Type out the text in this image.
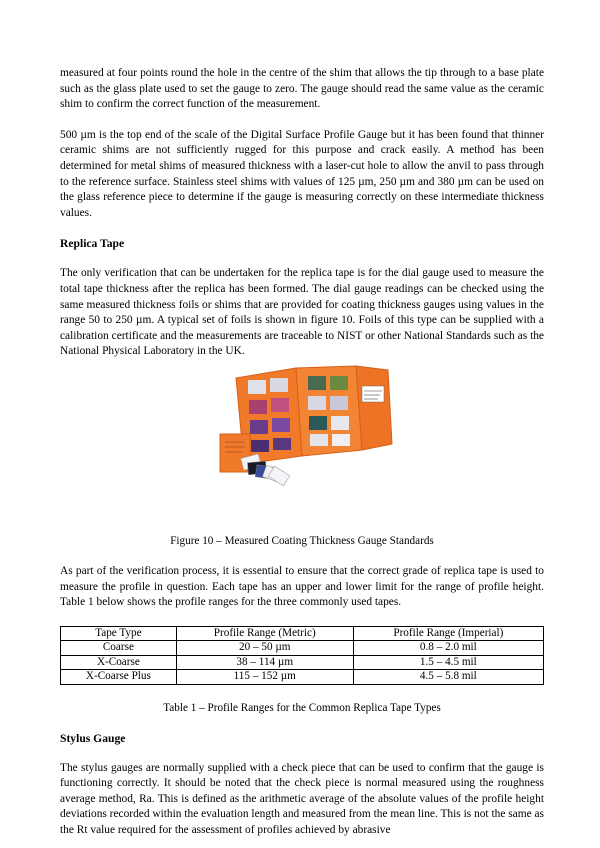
measured at four points round the hole in the centre of the shim that allows the tip through to a base plate such as the glass plate used to set the gauge to zero. The gauge should read the same value as the ceramic shim to confirm the correct function of the measurement.

500 µm is the top end of the scale of the Digital Surface Profile Gauge but it has been found that thinner ceramic shims are not sufficiently rugged for this purpose and crack easily. A method has been determined for metal shims of measured thickness with a laser-cut hole to allow the anvil to pass through to the reference surface. Stainless steel shims with values of 125 µm, 250 µm and 380 µm can be used on the glass reference piece to determine if the gauge is measuring correctly on these intermediate thickness values.

Replica Tape

The only verification that can be undertaken for the replica tape is for the dial gauge used to measure the total tape thickness after the replica has been formed. The dial gauge readings can be checked using the same measured thickness foils or shims that are provided for coating thickness gauges using values in the range 50 to 250 µm. A typical set of foils is shown in figure 10. Foils of this type can be supplied with a calibration certificate and the measurements are traceable to NIST or other National Standards such as the National Physical Laboratory in the UK.

Figure 10 – Measured Coating Thickness Gauge Standards

As part of the verification process, it is essential to ensure that the correct grade of replica tape is used to measure the profile in question. Each tape has an upper and lower limit for the range of profile height. Table 1 below shows the profile ranges for the three commonly used tapes.

Tape Type	Profile Range (Metric)	Profile Range (Imperial)
Coarse	20 – 50 µm	0.8 – 2.0 mil
X-Coarse	38 – 114 µm	1.5 – 4.5 mil
X-Coarse Plus	115 – 152 µm	4.5 – 5.8 mil
Table 1 – Profile Ranges for the Common Replica Tape Types
Stylus Gauge

The stylus gauges are normally supplied with a check piece that can be used to confirm that the gauge is functioning correctly. It should be noted that the check piece is normal measured using the roughness average method, Ra. This is defined as the arithmetic average of the absolute values of the profile height deviations recorded within the evaluation length and measured from the mean line. This is not the same as the Rt value required for the assessment of profiles achieved by abrasive
